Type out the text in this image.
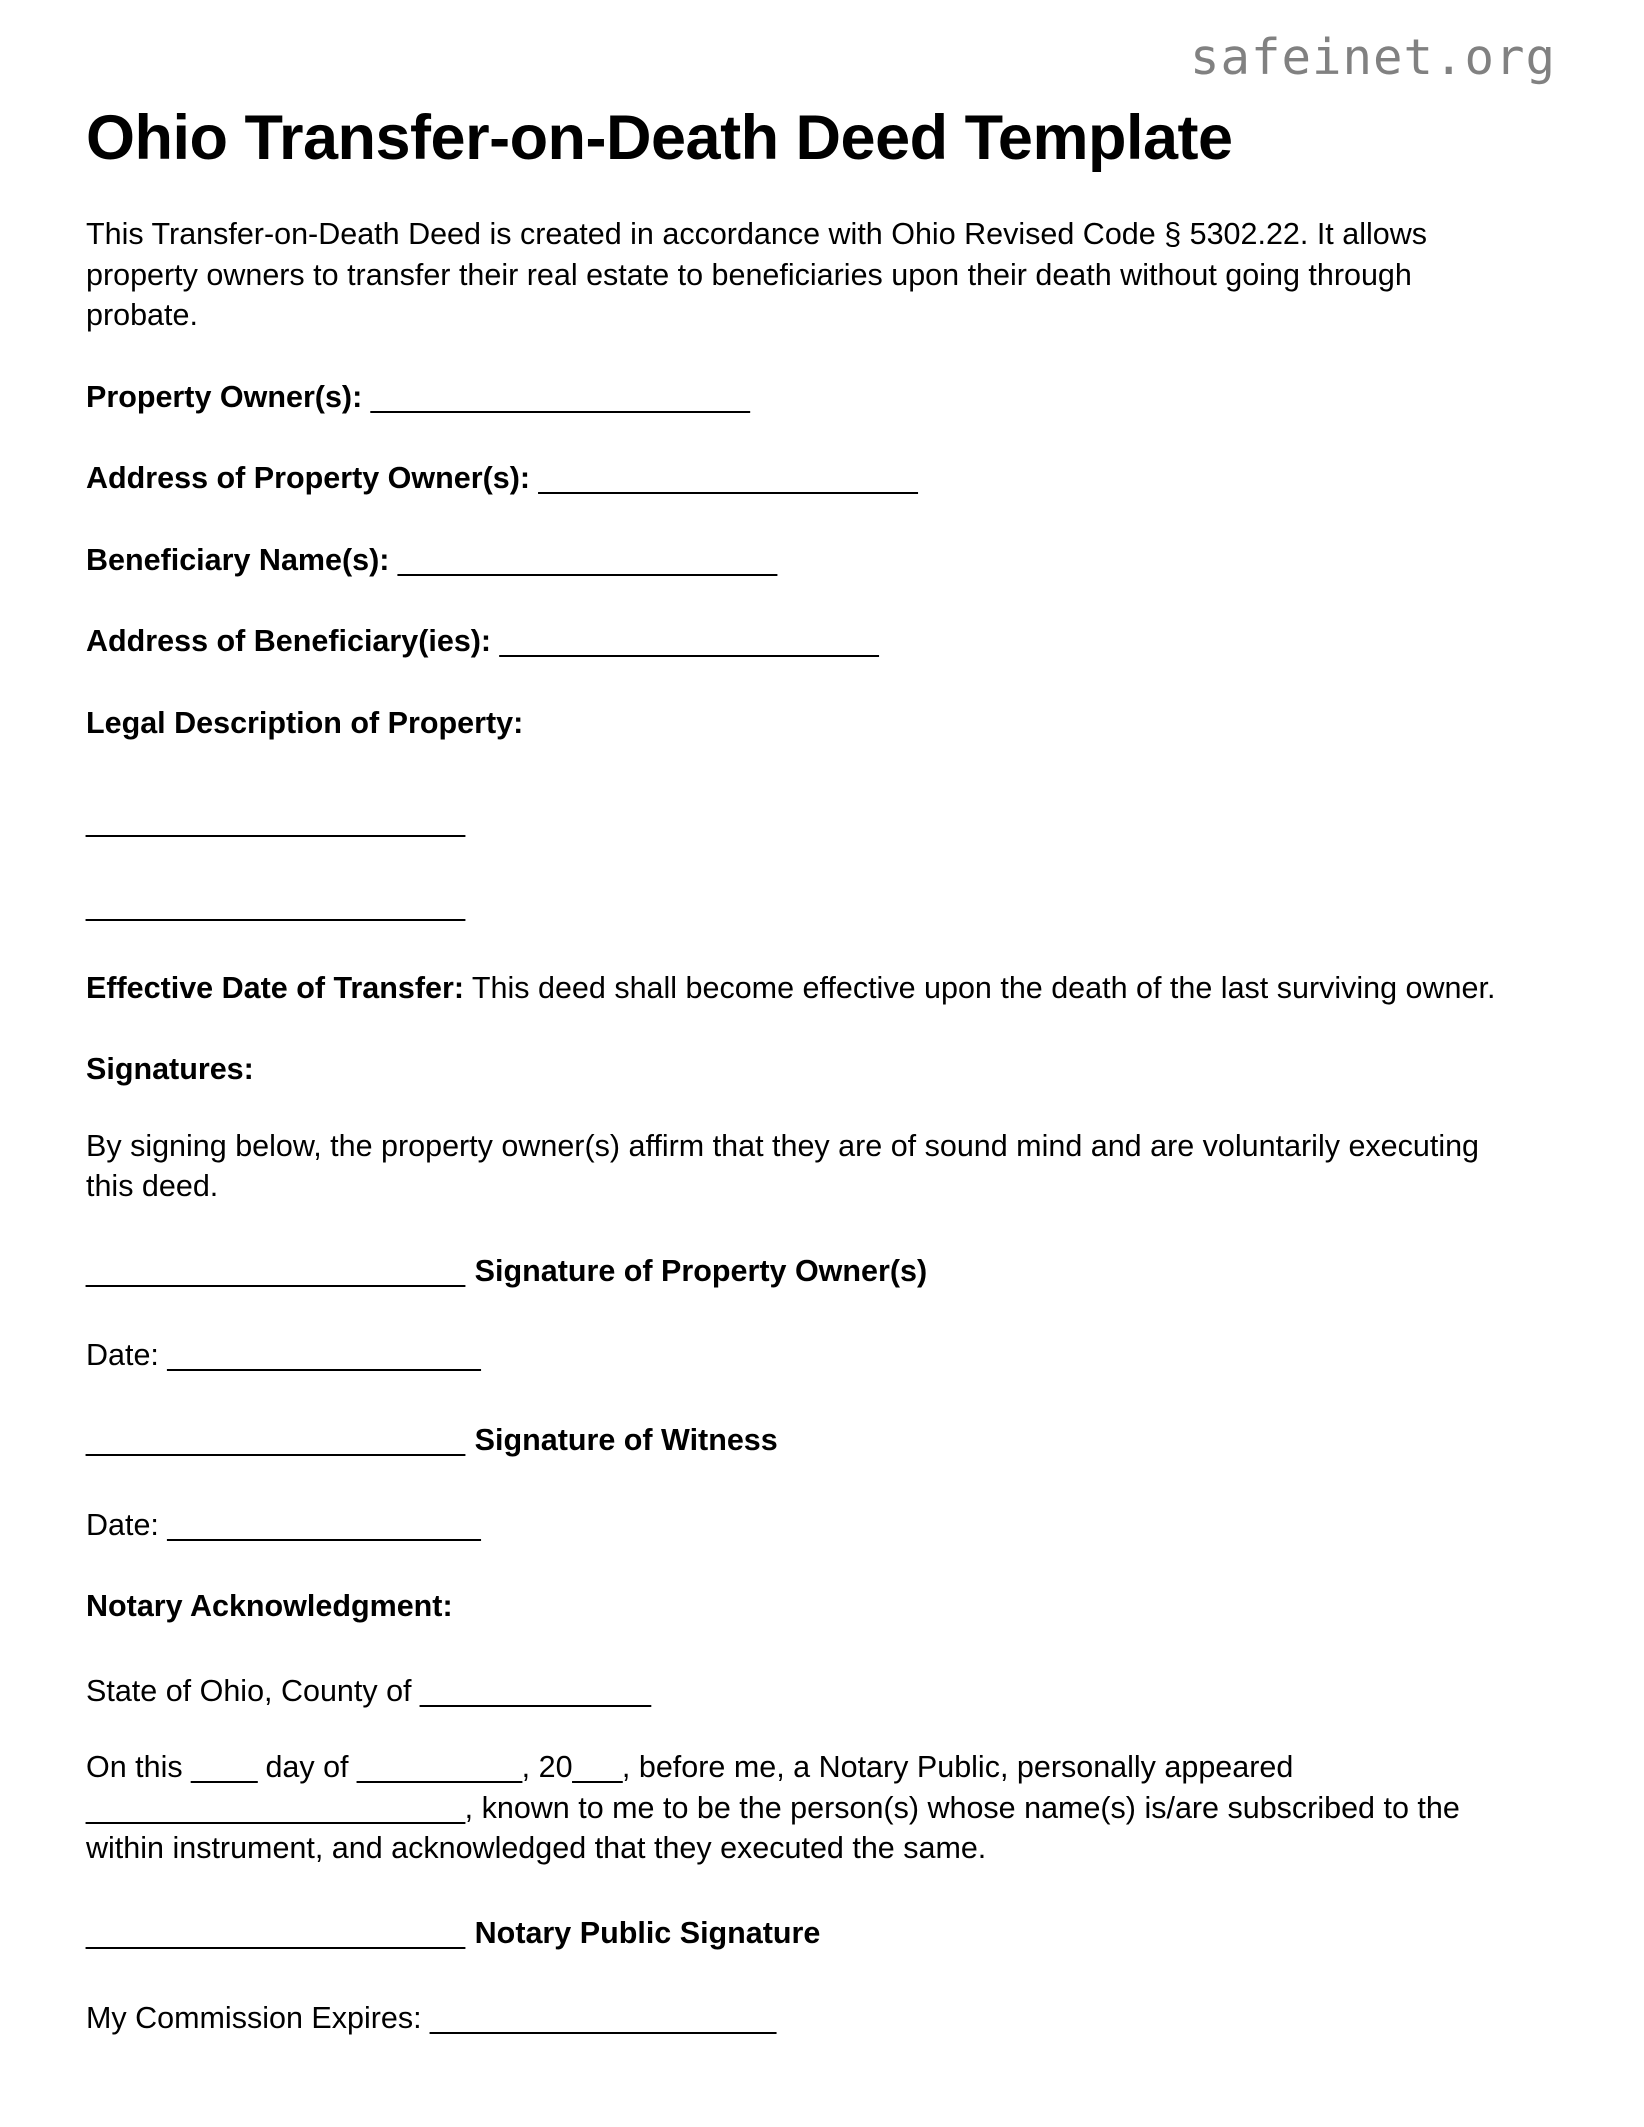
safeinet.org
Ohio Transfer-on-Death Deed Template

This Transfer-on-Death Deed is created in accordance with Ohio Revised Code § 5302.22. It allows property owners to transfer their real estate to beneficiaries upon their death without going through probate.

Property Owner(s): _______________________

Address of Property Owner(s): _______________________

Beneficiary Name(s): _______________________

Address of Beneficiary(ies): _______________________

Legal Description of Property:

_______________________

_______________________

Effective Date of Transfer: This deed shall become effective upon the death of the last surviving owner.

Signatures:

By signing below, the property owner(s) affirm that they are of sound mind and are voluntarily executing this deed.

_______________________ Signature of Property Owner(s)

Date: ___________________

_______________________ Signature of Witness

Date: ___________________

Notary Acknowledgment:

State of Ohio, County of ______________

On this ____ day of __________, 20___, before me, a Notary Public, personally appeared _______________________, known to me to be the person(s) whose name(s) is/are subscribed to the within instrument, and acknowledged that they executed the same.

_______________________ Notary Public Signature

My Commission Expires: _____________________
